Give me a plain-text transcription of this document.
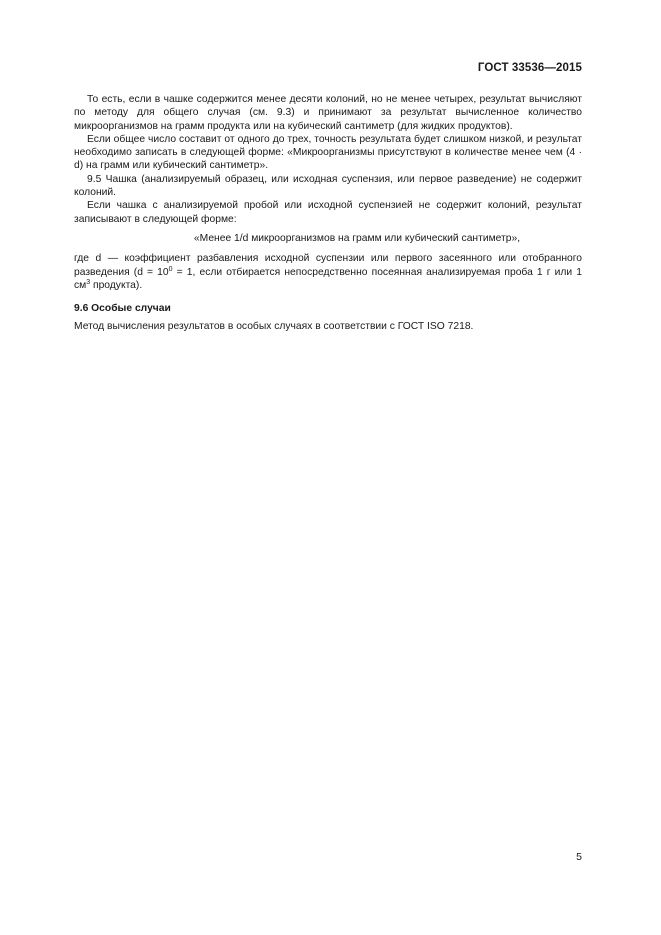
ГОСТ 33536—2015

То есть, если в чашке содержится менее десяти колоний, но не менее четырех, результат вычисляют по методу для общего случая (см. 9.3) и принимают за результат вычисленное количество микроорганизмов на грамм продукта или на кубический сантиметр (для жидких продуктов).

Если общее число составит от одного до трех, точность результата будет слишком низкой, и результат необходимо записать в следующей форме: «Микроорганизмы присутствуют в количестве менее чем (4 · d) на грамм или кубический сантиметр».

9.5 Чашка (анализируемый образец, или исходная суспензия, или первое разведение) не содержит колоний.

Если чашка с анализируемой пробой или исходной суспензией не содержит колоний, результат записывают в следующей форме:

«Менее 1/d микроорганизмов на грамм или кубический сантиметр»,

где d — коэффициент разбавления исходной суспензии или первого засеянного или отобранного разведения ($d = 10^0 = 1$, если отбирается непосредственно посеянная анализируемая проба 1 г или 1 $см^3$ продукта).

9.6 Особые случаи

Метод вычисления результатов в особых случаях в соответствии с ГОСТ ISO 7218.

5
